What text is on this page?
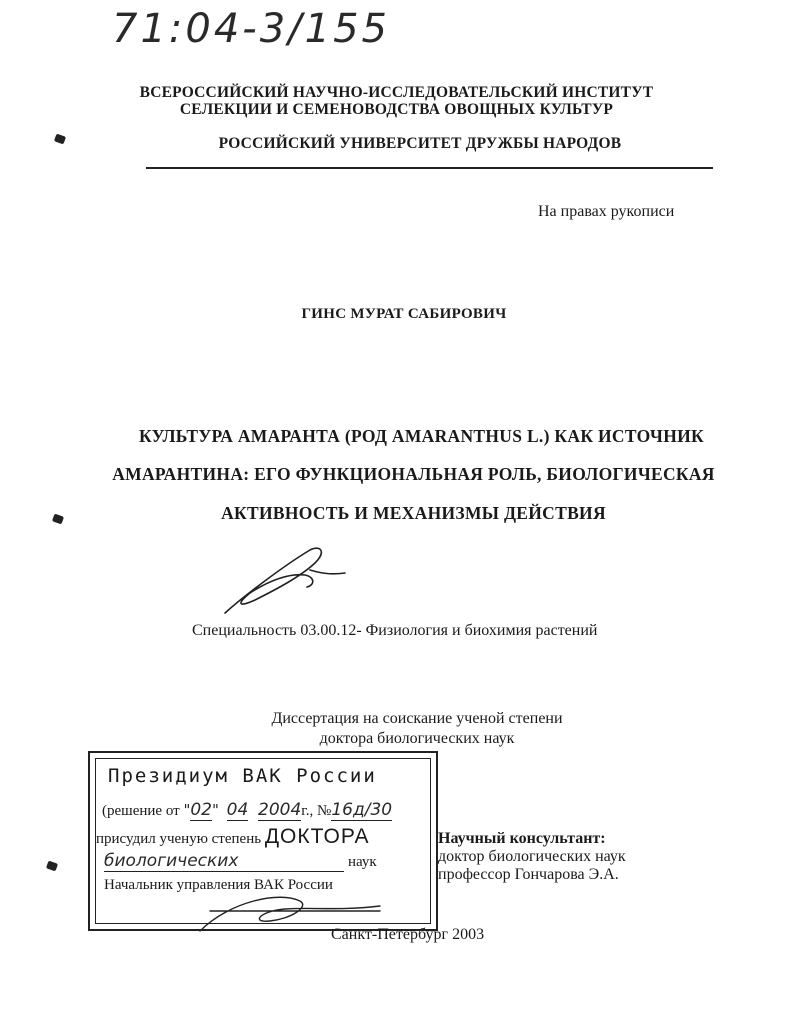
71:04-3/155
ВСЕРОССИЙСКИЙ НАУЧНО-ИССЛЕДОВАТЕЛЬСКИЙ ИНСТИТУТ
СЕЛЕКЦИИ И СЕМЕНОВОДСТВА ОВОЩНЫХ КУЛЬТУР
РОССИЙСКИЙ УНИВЕРСИТЕТ ДРУЖБЫ НАРОДОВ
На правах рукописи
ГИНС МУРАТ САБИРОВИЧ
КУЛЬТУРА АМАРАНТА (РОД AMARANTHUS L.) КАК ИСТОЧНИК
АМАРАНТИНА: ЕГО ФУНКЦИОНАЛЬНАЯ РОЛЬ, БИОЛОГИЧЕСКАЯ
АКТИВНОСТЬ И МЕХАНИЗМЫ ДЕЙСТВИЯ
Специальность 03.00.12- Физиология и биохимия растений
Диссертация на соискание ученой степени
доктора биологических наук
Президиум ВАК России
(решение от "02" 04 2004г., №16д/30
присудил ученую степень ДОКТОРА
биологических	наук
Начальник управления ВАК России
Научный консультант:
доктор биологических наук
профессор Гончарова Э.А.
Санкт-Петербург 2003
